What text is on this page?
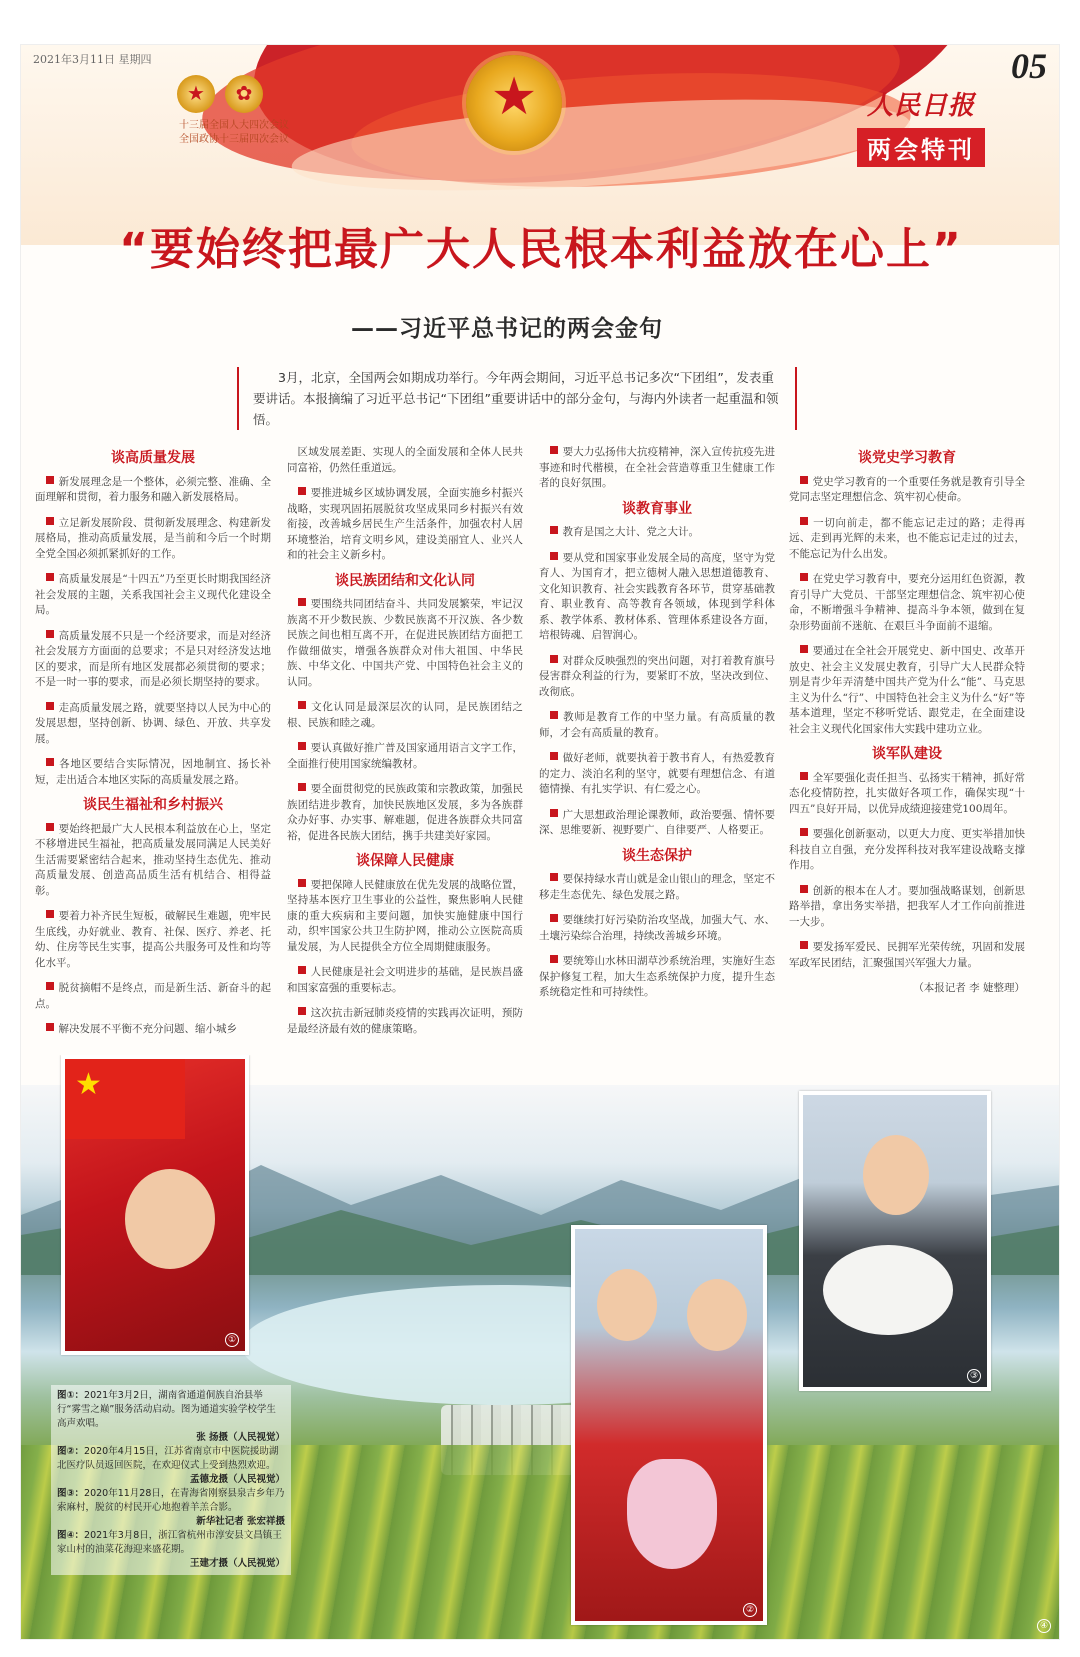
★
2021年3月11日 星期四	05
★	✿
十三届全国人大四次会议
全国政协十三届四次会议
人民日报
两会特刊
“要始终把最广大人民根本利益放在心上”
——习近平总书记的两会金句
3月，北京，全国两会如期成功举行。今年两会期间，习近平总书记多次“下团组”，发表重要讲话。本报摘编了习近平总书记“下团组”重要讲话中的部分金句，与海内外读者一起重温和领悟。
谈高质量发展
新发展理念是一个整体，必须完整、准确、全面理解和贯彻，着力服务和融入新发展格局。
立足新发展阶段、贯彻新发展理念、构建新发展格局，推动高质量发展，是当前和今后一个时期全党全国必须抓紧抓好的工作。
高质量发展是“十四五”乃至更长时期我国经济社会发展的主题，关系我国社会主义现代化建设全局。
高质量发展不只是一个经济要求，而是对经济社会发展方方面面的总要求；不是只对经济发达地区的要求，而是所有地区发展都必须贯彻的要求；不是一时一事的要求，而是必须长期坚持的要求。
走高质量发展之路，就要坚持以人民为中心的发展思想，坚持创新、协调、绿色、开放、共享发展。
各地区要结合实际情况，因地制宜、扬长补短，走出适合本地区实际的高质量发展之路。
谈民生福祉和乡村振兴
要始终把最广大人民根本利益放在心上，坚定不移增进民生福祉，把高质量发展同满足人民美好生活需要紧密结合起来，推动坚持生态优先、推动高质量发展、创造高品质生活有机结合、相得益彰。
要着力补齐民生短板，破解民生难题，兜牢民生底线，办好就业、教育、社保、医疗、养老、托幼、住房等民生实事，提高公共服务可及性和均等化水平。
脱贫摘帽不是终点，而是新生活、新奋斗的起点。
解决发展不平衡不充分问题、缩小城乡
区域发展差距、实现人的全面发展和全体人民共同富裕，仍然任重道远。
要推进城乡区域协调发展，全面实施乡村振兴战略，实现巩固拓展脱贫攻坚成果同乡村振兴有效衔接，改善城乡居民生产生活条件，加强农村人居环境整治，培育文明乡风，建设美丽宜人、业兴人和的社会主义新乡村。
谈民族团结和文化认同
要围绕共同团结奋斗、共同发展繁荣，牢记汉族离不开少数民族、少数民族离不开汉族、各少数民族之间也相互离不开，在促进民族团结方面把工作做细做实，增强各族群众对伟大祖国、中华民族、中华文化、中国共产党、中国特色社会主义的认同。
文化认同是最深层次的认同，是民族团结之根、民族和睦之魂。
要认真做好推广普及国家通用语言文字工作，全面推行使用国家统编教材。
要全面贯彻党的民族政策和宗教政策，加强民族团结进步教育，加快民族地区发展，多为各族群众办好事、办实事、解难题，促进各族群众共同富裕，促进各民族大团结，携手共建美好家园。
谈保障人民健康
要把保障人民健康放在优先发展的战略位置，坚持基本医疗卫生事业的公益性，聚焦影响人民健康的重大疾病和主要问题，加快实施健康中国行动，织牢国家公共卫生防护网，推动公立医院高质量发展，为人民提供全方位全周期健康服务。
人民健康是社会文明进步的基础，是民族昌盛和国家富强的重要标志。
这次抗击新冠肺炎疫情的实践再次证明，预防是最经济最有效的健康策略。
要大力弘扬伟大抗疫精神，深入宣传抗疫先进事迹和时代楷模，在全社会营造尊重卫生健康工作者的良好氛围。
谈教育事业
教育是国之大计、党之大计。
要从党和国家事业发展全局的高度，坚守为党育人、为国育才，把立德树人融入思想道德教育、文化知识教育、社会实践教育各环节，贯穿基础教育、职业教育、高等教育各领域，体现到学科体系、教学体系、教材体系、管理体系建设各方面，培根铸魂、启智润心。
对群众反映强烈的突出问题，对打着教育旗号侵害群众利益的行为，要紧盯不放，坚决改到位、改彻底。
教师是教育工作的中坚力量。有高质量的教师，才会有高质量的教育。
做好老师，就要执着于教书育人，有热爱教育的定力、淡泊名利的坚守，就要有理想信念、有道德情操、有扎实学识、有仁爱之心。
广大思想政治理论课教师，政治要强、情怀要深、思维要新、视野要广、自律要严、人格要正。
谈生态保护
要保持绿水青山就是金山银山的理念，坚定不移走生态优先、绿色发展之路。
要继续打好污染防治攻坚战，加强大气、水、土壤污染综合治理，持续改善城乡环境。
要统筹山水林田湖草沙系统治理，实施好生态保护修复工程，加大生态系统保护力度，提升生态系统稳定性和可持续性。
谈党史学习教育
党史学习教育的一个重要任务就是教育引导全党同志坚定理想信念、筑牢初心使命。
一切向前走，都不能忘记走过的路；走得再远、走到再光辉的未来，也不能忘记走过的过去，不能忘记为什么出发。
在党史学习教育中，要充分运用红色资源，教育引导广大党员、干部坚定理想信念、筑牢初心使命，不断增强斗争精神、提高斗争本领，做到在复杂形势面前不迷航、在艰巨斗争面前不退缩。
要通过在全社会开展党史、新中国史、改革开放史、社会主义发展史教育，引导广大人民群众特别是青少年弄清楚中国共产党为什么“能”、马克思主义为什么“行”、中国特色社会主义为什么“好”等基本道理，坚定不移听党话、跟党走，在全面建设社会主义现代化国家伟大实践中建功立业。
谈军队建设
全军要强化责任担当、弘扬实干精神，抓好常态化疫情防控，扎实做好各项工作，确保实现“十四五”良好开局，以优异成绩迎接建党100周年。
要强化创新驱动，以更大力度、更实举措加快科技自立自强，充分发挥科技对我军建设战略支撑作用。
创新的根本在人才。要加强战略谋划，创新思路举措，拿出务实举措，把我军人才工作向前推进一大步。
要发扬军爱民、民拥军光荣传统，巩固和发展军政军民团结，汇聚强国兴军强大力量。
（本报记者 李 婕整理）
④
★
①
②
③
图①：2021年3月2日，湖南省通道侗族自治县举行“雾雪之巅”服务活动启动。图为通道实验学校学生高声欢唱。
张 扬摄（人民视觉）
图②：2020年4月15日，江苏省南京市中医院援助湖北医疗队员返回医院，在欢迎仪式上受到热烈欢迎。
孟德龙摄（人民视觉）
图③：2020年11月28日，在青海省刚察县泉吉乡年乃索麻村，脱贫的村民开心地抱着羊羔合影。
新华社记者 张宏祥摄
图④：2021年3月8日，浙江省杭州市淳安县文昌镇王家山村的油菜花海迎来盛花期。
王建才摄（人民视觉）
